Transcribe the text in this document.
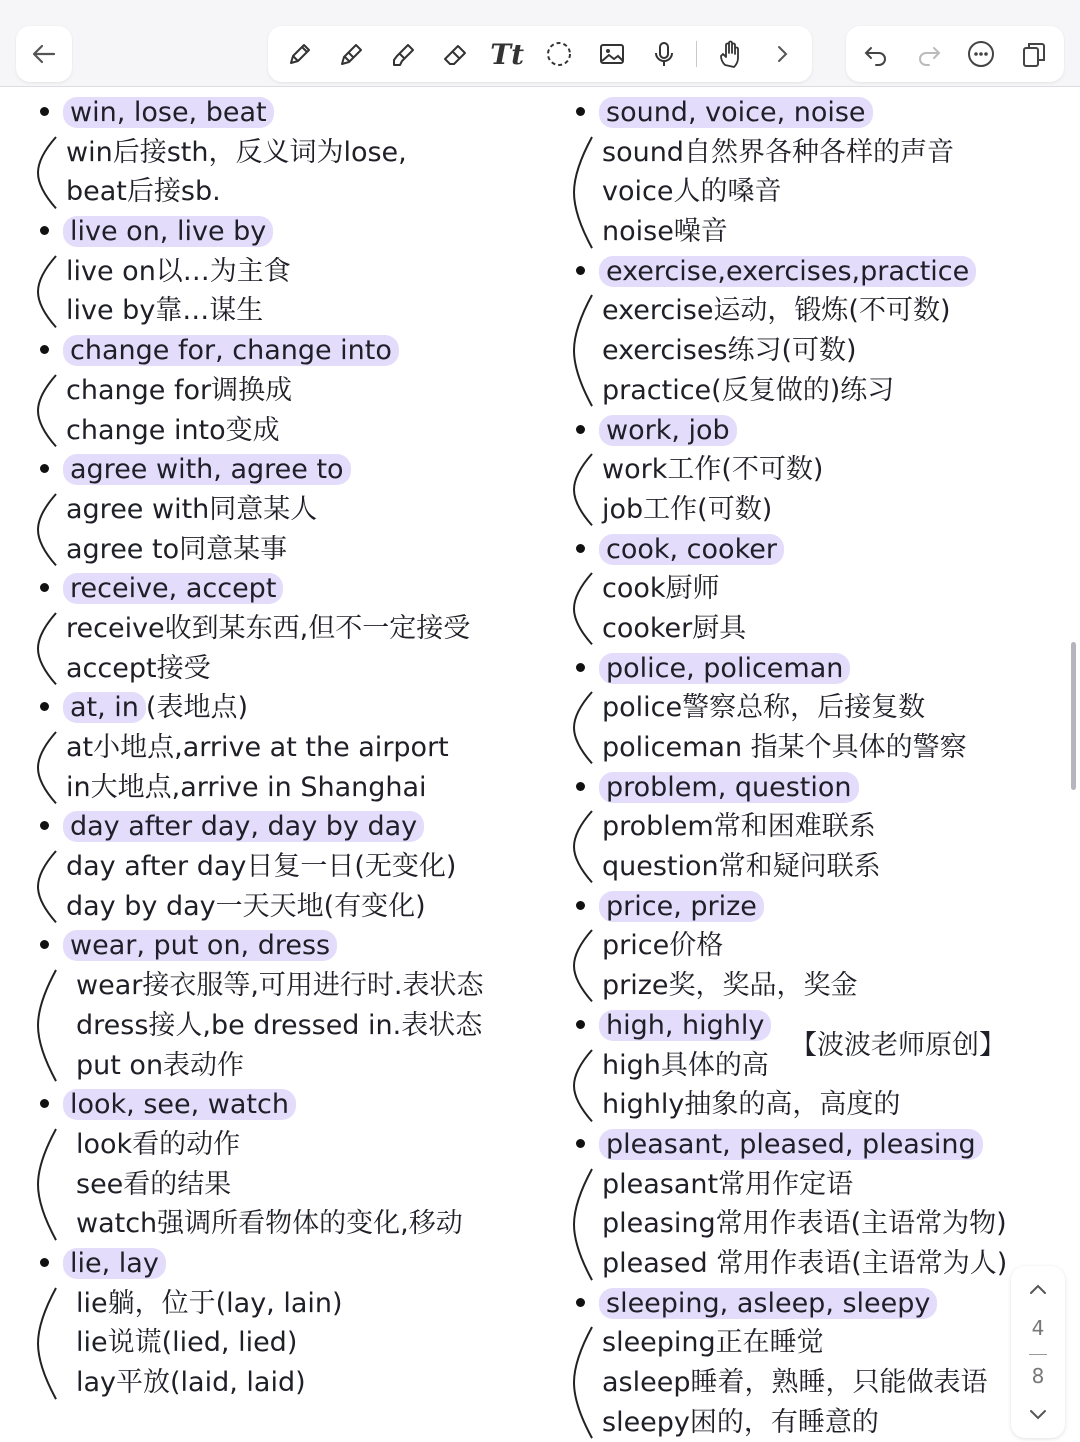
Tt
win, lose, beat
win后接sth，反义词为lose,
beat后接sb.
live on, live by
live on以…为主食
live by靠…谋生
change for, change into
change for调换成
change into变成
agree with, agree to
agree with同意某人
agree to同意某事
receive, accept
receive收到某东西,但不一定接受
accept接受
at, in (表地点)
at小地点,arrive at the airport
in大地点,arrive in Shanghai
day after day, day by day
day after day日复一日(无变化)
day by day一天天地(有变化)
wear, put on, dress
wear接衣服等,可用进行时.表状态
dress接人,be dressed in.表状态
put on表动作
look, see, watch
look看的动作
see看的结果
watch强调所看物体的变化,移动
lie, lay
lie躺，位于(lay, lain)
lie说谎(lied, lied)
lay平放(laid, laid)
sound, voice, noise
sound自然界各种各样的声音
voice人的嗓音
noise噪音
exercise,exercises,practice
exercise运动，锻炼(不可数)
exercises练习(可数)
practice(反复做的)练习
work, job
work工作(不可数)
job工作(可数)
cook, cooker
cook厨师
cooker厨具
police, policeman
police警察总称，后接复数
policeman 指某个具体的警察
problem, question
problem常和困难联系
question常和疑问联系
price, prize
price价格
prize奖，奖品，奖金
high, highly
high具体的高
highly抽象的高，高度的
pleasant, pleased, pleasing
pleasant常用作定语
pleasing常用作表语(主语常为物)
pleased 常用作表语(主语常为人)
sleeping, asleep, sleepy
sleeping正在睡觉
asleep睡着，熟睡，只能做表语
sleepy困的，有睡意的
【波波老师原创】
4
8
